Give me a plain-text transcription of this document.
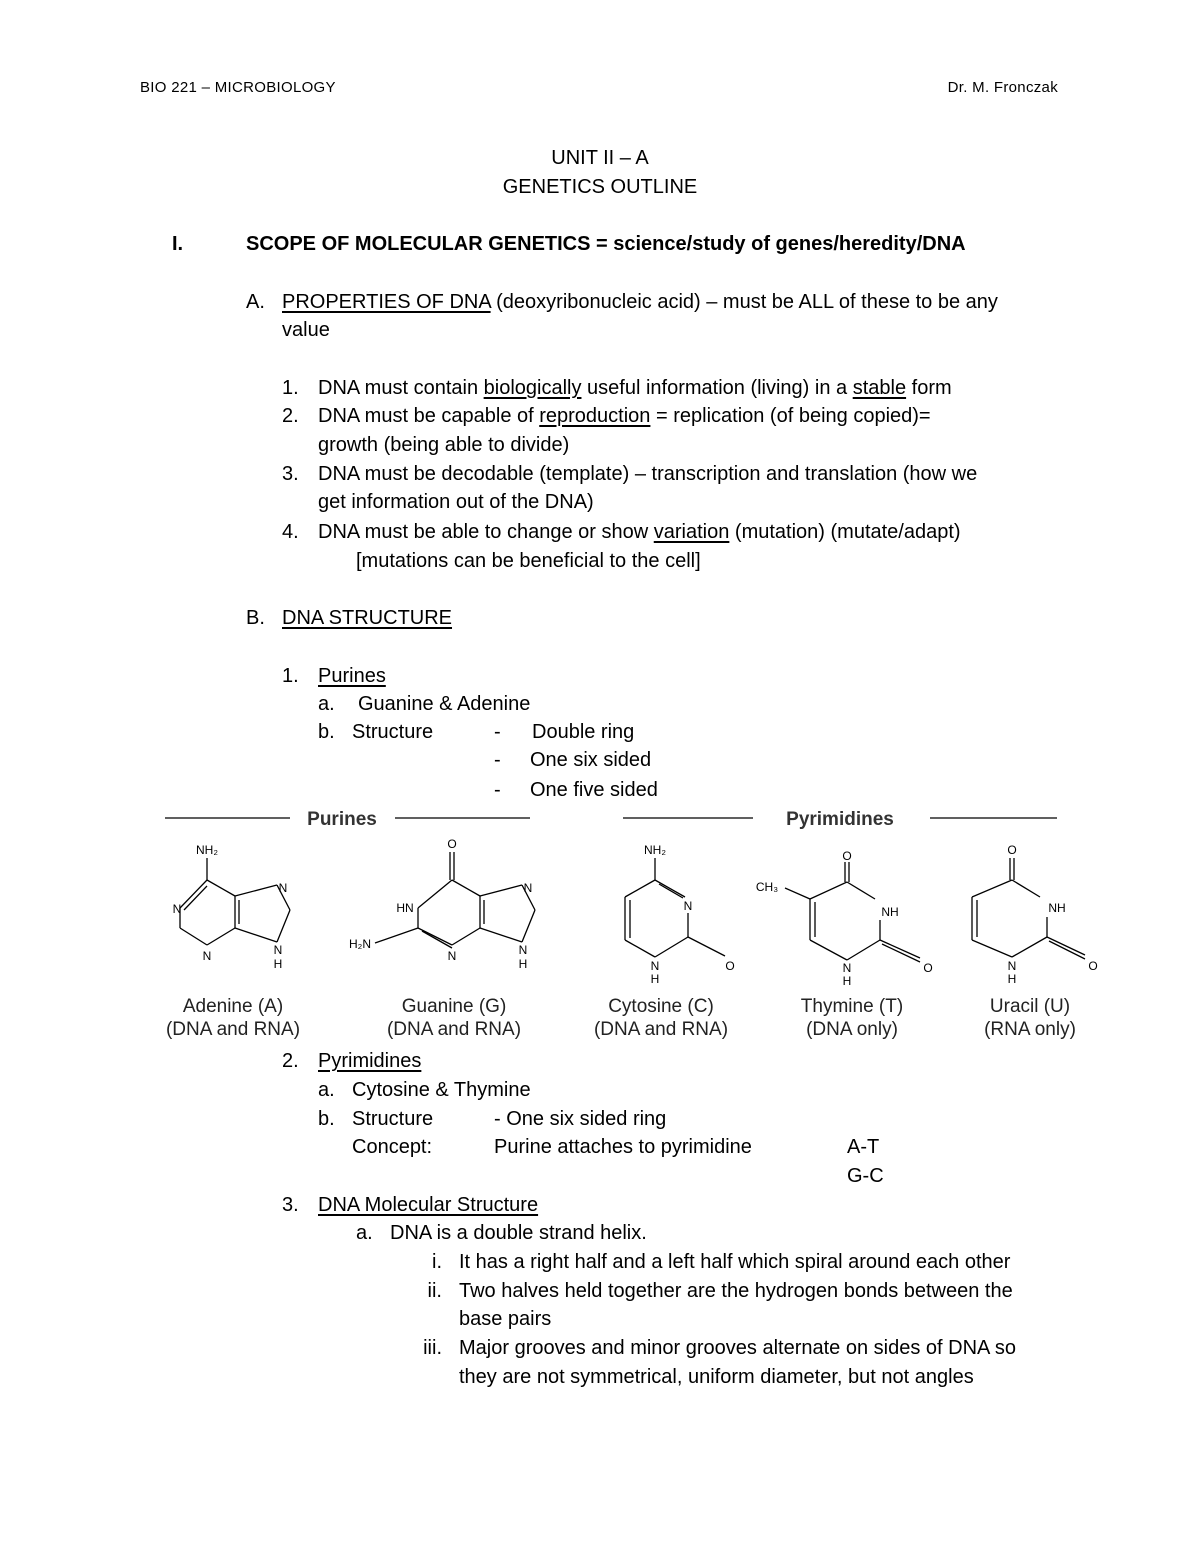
BIO 221 – MICROBIOLOGY	Dr. M. Fronczak
UNIT II – A
GENETICS OUTLINE
I.	SCOPE OF MOLECULAR GENETICS = science/study of genes/heredity/DNA
A. PROPERTIES OF DNA (deoxyribonucleic acid) – must be ALL of these to be any
value
1. DNA must contain biologically useful information (living) in a stable form
2. DNA must be capable of reproduction = replication (of being copied)=
growth (being able to divide)
3. DNA must be decodable (template) – transcription and translation (how we
get information out of the DNA)
4. DNA must be able to change or show variation (mutation) (mutate/adapt)
[mutations can be beneficial to the cell]
B. DNA STRUCTURE
1. Purines
a. Guanine & Adenine
b. Structure	- Double ring
- One six sided
- One five sided
Purines	Pyrimidines
NH₂
N
N
N
N
H
O
HN
H₂N
N
N
N
H
NH₂
N
N
H
O
O
CH₃
NH
N
H
O
O
NH
N
H
O
Adenine (A)
(DNA and RNA)
Guanine (G)
(DNA and RNA)
Cytosine (C)
(DNA and RNA)
Thymine (T)
(DNA only)
Uracil (U)
(RNA only)
2. Pyrimidines
a. Cytosine & Thymine
b. Structure	- One six sided ring
Concept:	Purine attaches to pyrimidine	A-T
G-C
3. DNA Molecular Structure
a. DNA is a double strand helix.
i. It has a right half and a left half which spiral around each other
ii. Two halves held together are the hydrogen bonds between the
base pairs
iii. Major grooves and minor grooves alternate on sides of DNA so
they are not symmetrical, uniform diameter, but not angles
